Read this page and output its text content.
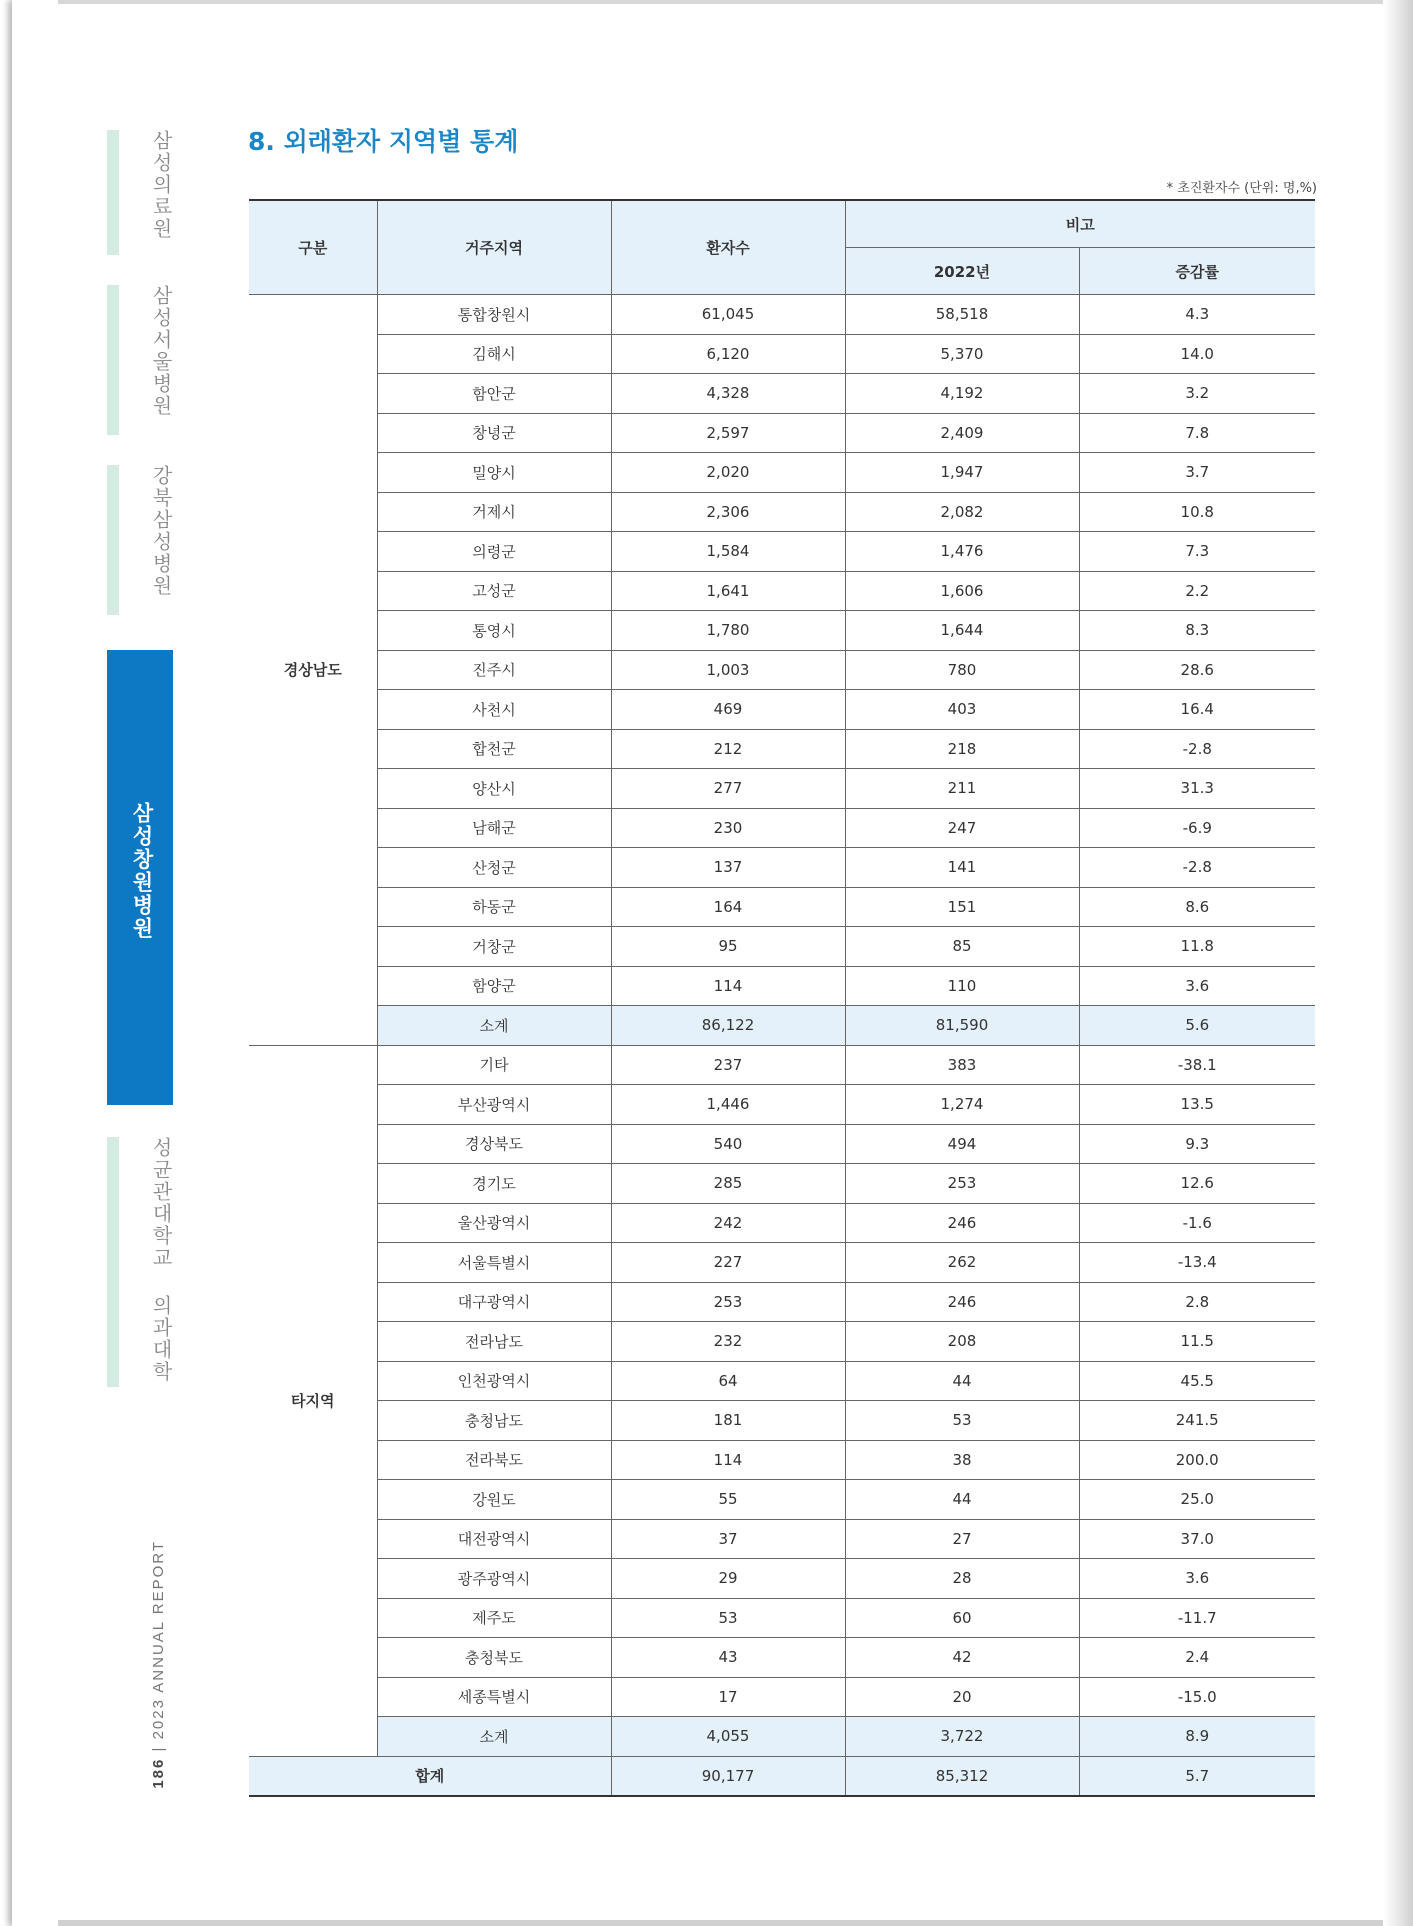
삼성의료원
삼성서울병원
강북삼성병원
삼성창원병원
성균관대학교 의과대학
186 | 2023 ANNUAL REPORT
8. 외래환자 지역별 통계
* 초진환자수 (단위: 명,%)
구분	거주지역	환자수	비고	
			2022년	증감률
경상남도	통합창원시	61,045	58,518	4.3
	김해시	6,120	5,370	14.0
	함안군	4,328	4,192	3.2
	창녕군	2,597	2,409	7.8
	밀양시	2,020	1,947	3.7
	거제시	2,306	2,082	10.8
	의령군	1,584	1,476	7.3
	고성군	1,641	1,606	2.2
	통영시	1,780	1,644	8.3
	진주시	1,003	780	28.6
	사천시	469	403	16.4
	합천군	212	218	-2.8
	양산시	277	211	31.3
	남해군	230	247	-6.9
	산청군	137	141	-2.8
	하동군	164	151	8.6
	거창군	95	85	11.8
	함양군	114	110	3.6
	소계	86,122	81,590	5.6
타지역	기타	237	383	-38.1
	부산광역시	1,446	1,274	13.5
	경상북도	540	494	9.3
	경기도	285	253	12.6
	울산광역시	242	246	-1.6
	서울특별시	227	262	-13.4
	대구광역시	253	246	2.8
	전라남도	232	208	11.5
	인천광역시	64	44	45.5
	충청남도	181	53	241.5
	전라북도	114	38	200.0
	강원도	55	44	25.0
	대전광역시	37	27	37.0
	광주광역시	29	28	3.6
	제주도	53	60	-11.7
	충청북도	43	42	2.4
	세종특별시	17	20	-15.0
	소계	4,055	3,722	8.9
합계		90,177	85,312	5.7
